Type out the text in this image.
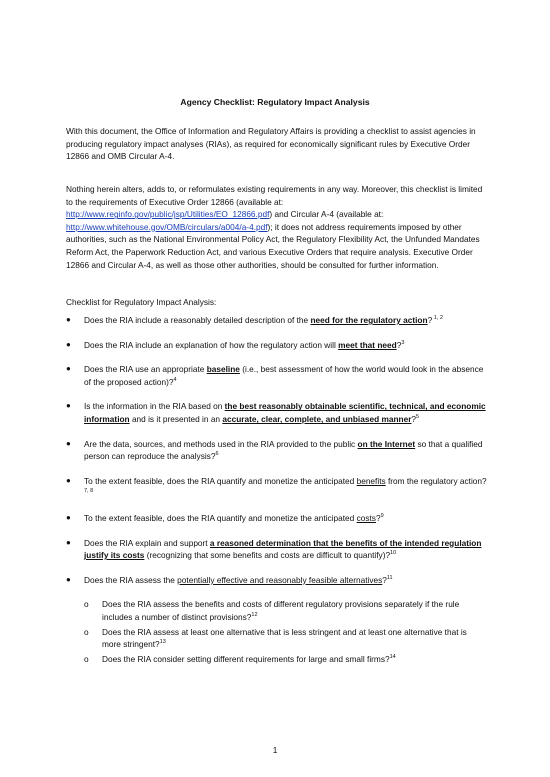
Agency Checklist: Regulatory Impact Analysis

With this document, the Office of Information and Regulatory Affairs is providing a checklist to assist agencies in producing regulatory impact analyses (RIAs), as required for economically significant rules by Executive Order 12866 and OMB Circular A-4.

Nothing herein alters, adds to, or reformulates existing requirements in any way. Moreover, this checklist is limited to the requirements of Executive Order 12866 (available at: http://www.reginfo.gov/public/jsp/Utilities/EO_12866.pdf) and Circular A-4 (available at: http://www.whitehouse.gov/OMB/circulars/a004/a-4.pdf); it does not address requirements imposed by other authorities, such as the National Environmental Policy Act, the Regulatory Flexibility Act, the Unfunded Mandates Reform Act, the Paperwork Reduction Act, and various Executive Orders that require analysis. Executive Order 12866 and Circular A-4, as well as those other authorities, should be consulted for further information.

Checklist for Regulatory Impact Analysis:

● Does the RIA include a reasonably detailed description of the need for the regulatory action? $^{1, 2}$
● Does the RIA include an explanation of how the regulatory action will meet that need?$^3$
● Does the RIA use an appropriate baseline (i.e., best assessment of how the world would look in the absence of the proposed action)?$^4$
● Is the information in the RIA based on the best reasonably obtainable scientific, technical, and economic information and is it presented in an accurate, clear, complete, and unbiased manner?$^5$
● Are the data, sources, and methods used in the RIA provided to the public on the Internet so that a qualified person can reproduce the analysis?$^6$
● To the extent feasible, does the RIA quantify and monetize the anticipated benefits from the regulatory action?$^{7, 8}$
● To the extent feasible, does the RIA quantify and monetize the anticipated costs?$^9$
● Does the RIA explain and support a reasoned determination that the benefits of the intended regulation justify its costs (recognizing that some benefits and costs are difficult to quantify)?$^{10}$
● Does the RIA assess the potentially effective and reasonably feasible alternatives?$^{11}$
o Does the RIA assess the benefits and costs of different regulatory provisions separately if the rule includes a number of distinct provisions?$^{12}$
o Does the RIA assess at least one alternative that is less stringent and at least one alternative that is more stringent?$^{13}$
o Does the RIA consider setting different requirements for large and small firms?$^{14}$
1
